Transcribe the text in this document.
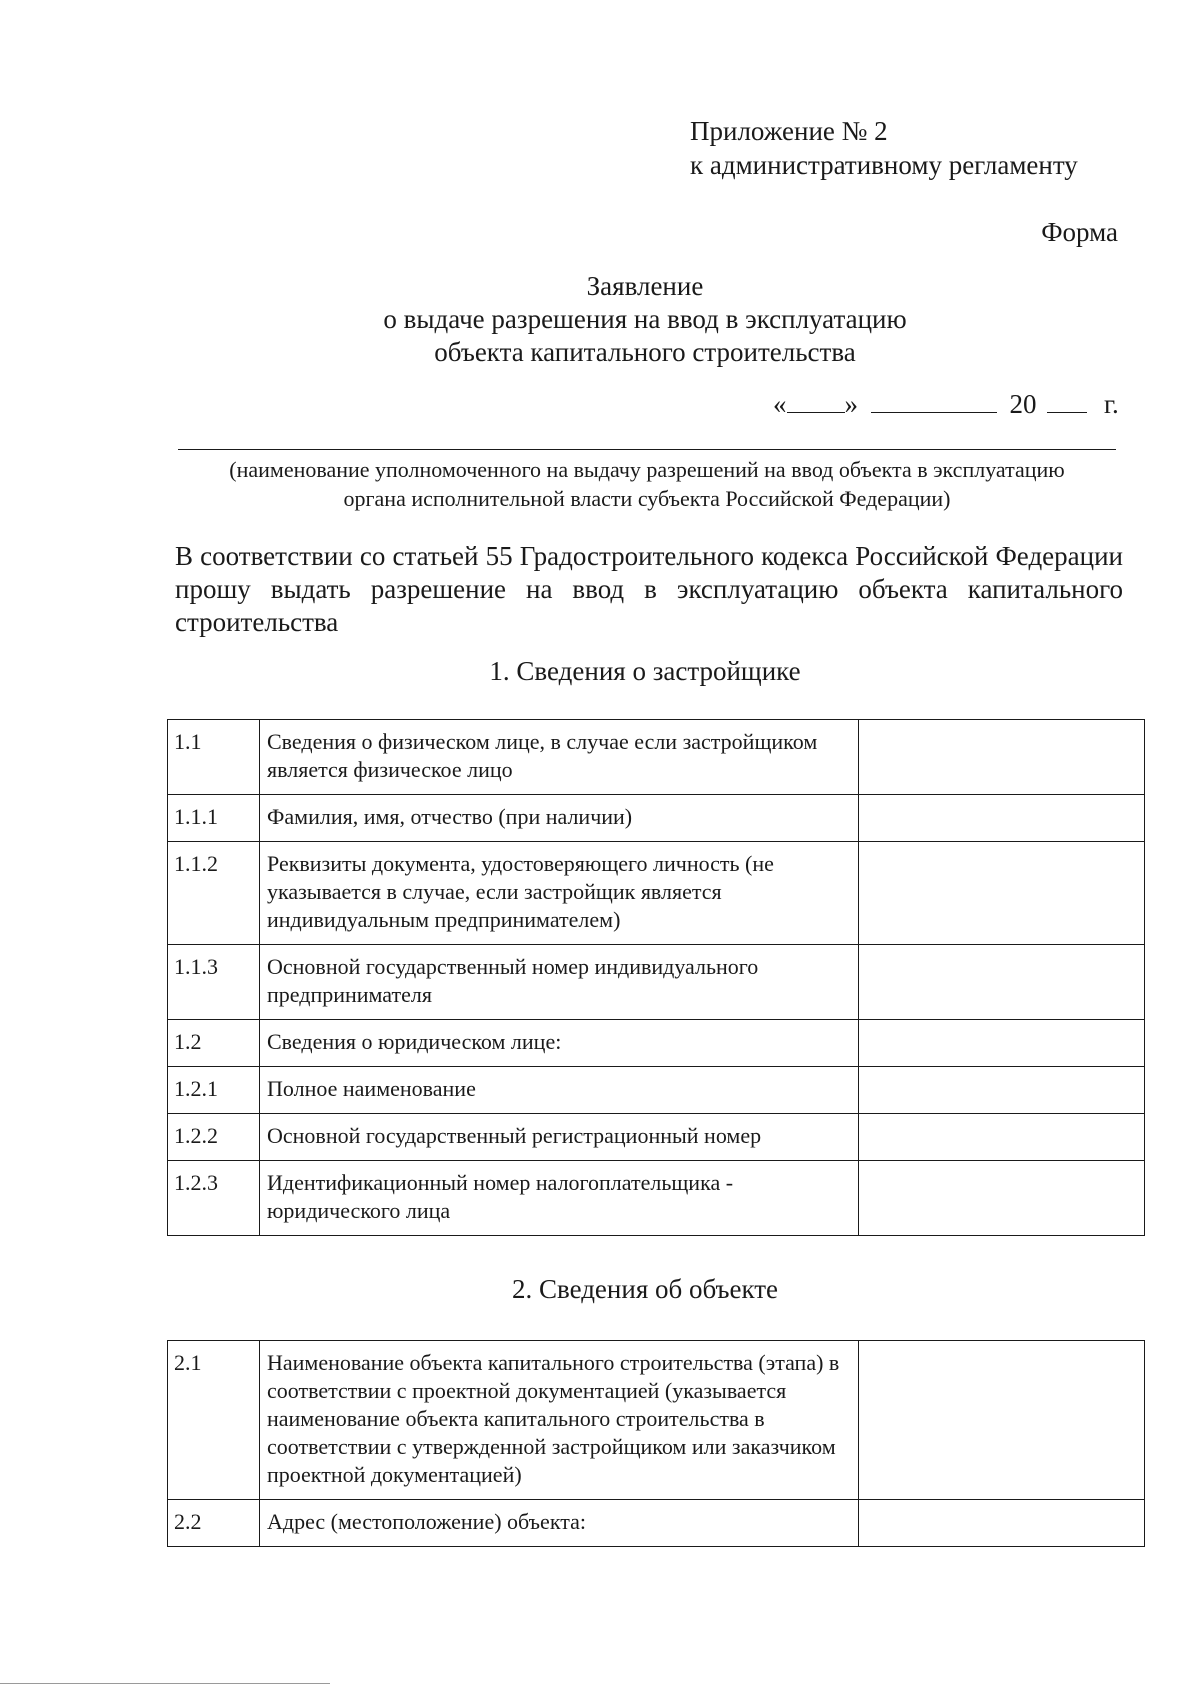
Приложение № 2
к административному регламенту
Форма
Заявление
о выдаче разрешения на ввод в эксплуатацию
объекта капитального строительства
« »	20	г.
(наименование уполномоченного на выдачу разрешений на ввод объекта в эксплуатацию
органа исполнительной власти субъекта Российской Федерации)
В соответствии со статьей 55 Градостроительного кодекса Российской Федерации прошу выдать разрешение на ввод в эксплуатацию объекта капитального строительства
1. Сведения о застройщике
1.1	Сведения о физическом лице, в случае если застройщиком является физическое лицо	
1.1.1	Фамилия, имя, отчество (при наличии)	
1.1.2	Реквизиты документа, удостоверяющего личность (не указывается в случае, если застройщик является индивидуальным предпринимателем)	
1.1.3	Основной государственный номер индивидуального предпринимателя	
1.2	Сведения о юридическом лице:	
1.2.1	Полное наименование	
1.2.2	Основной государственный регистрационный номер	
1.2.3	Идентификационный номер налогоплательщика - юридического лица	
2. Сведения об объекте
2.1	Наименование объекта капитального строительства (этапа) в соответствии с проектной документацией (указывается наименование объекта капитального строительства в соответствии с утвержденной застройщиком или заказчиком проектной документацией)	
2.2	Адрес (местоположение) объекта:	
